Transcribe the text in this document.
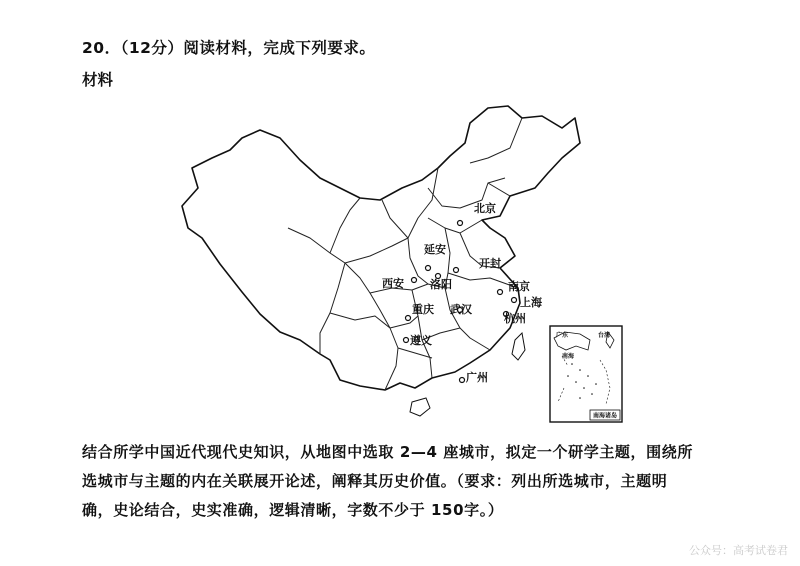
20．（12分）阅读材料，完成下列要求。
材料
北京
延安
开封
西安 洛阳	南京
上海
重庆 武汉
杭州
遵义
广州
广东	台湾
南海
南海诸岛
结合所学中国近代现代史知识，从地图中选取 2—4 座城市，拟定一个研学主题，围绕所
选城市与主题的内在关联展开论述，阐释其历史价值。（要求：列出所选城市，主题明
确，史论结合，史实准确，逻辑清晰，字数不少于 150字。）
公众号：高考试卷君
